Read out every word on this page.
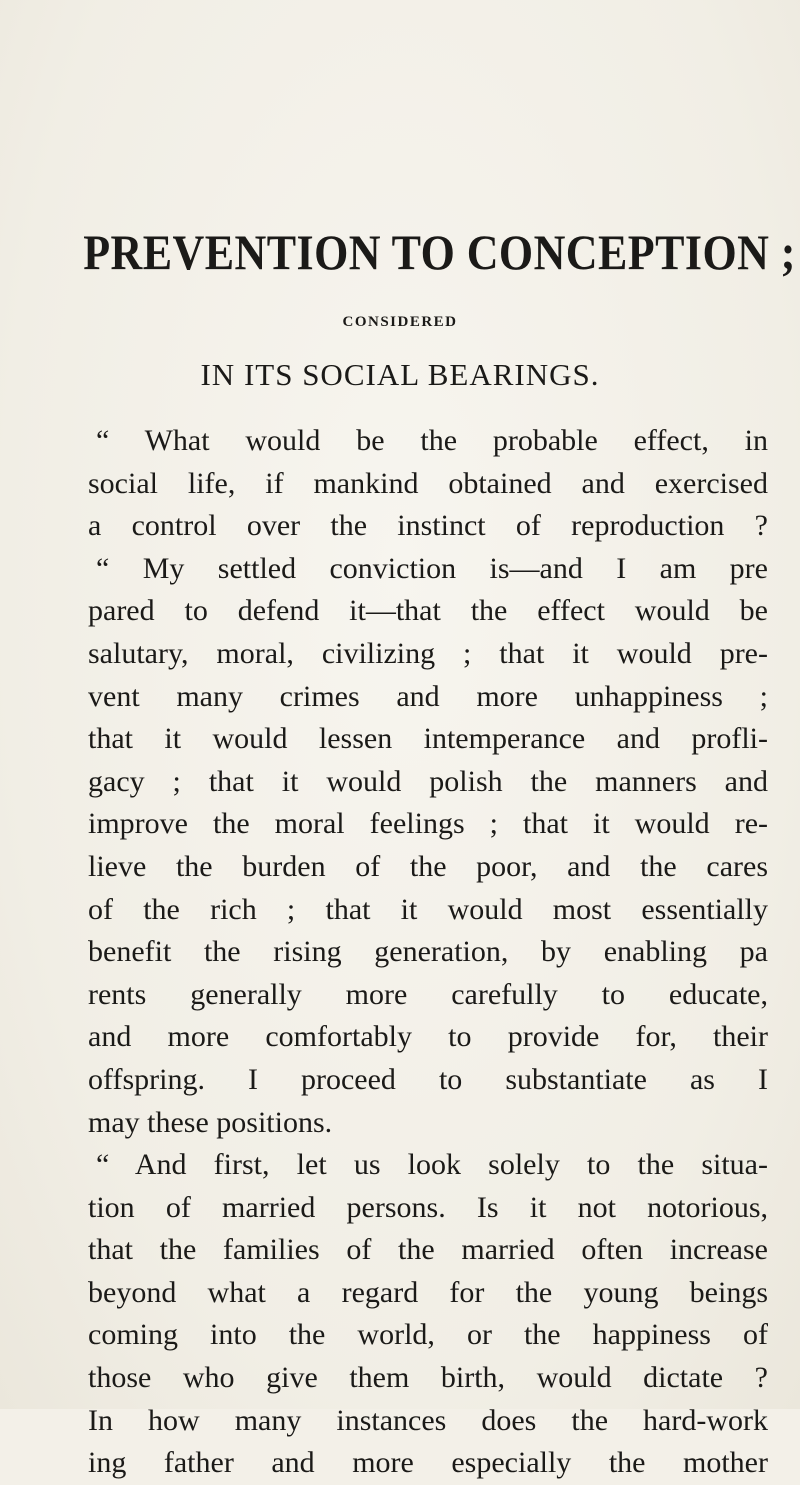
PREVENTION TO CONCEPTION ;
CONSIDERED
IN ITS SOCIAL BEARINGS.
“ What would be the probable effect, in
social life, if mankind obtained and exercised
a control over the instinct of reproduction ?
“ My settled conviction is—and I am pre
pared to defend it—that the effect would be
salutary, moral, civilizing ; that it would pre-
vent many crimes and more unhappiness ;
that it would lessen intemperance and profli-
gacy ; that it would polish the manners and
improve the moral feelings ; that it would re-
lieve the burden of the poor, and the cares
of the rich ; that it would most essentially
benefit the rising generation, by enabling pa
rents generally more carefully to educate,
and more comfortably to provide for, their
offspring. I proceed to substantiate as I
may these positions.
“ And first, let us look solely to the situa-
tion of married persons. Is it not notorious,
that the families of the married often increase
beyond what a regard for the young beings
coming into the world, or the happiness of
those who give them birth, would dictate ?
In how many instances does the hard-work
ing father and more especially the mother
